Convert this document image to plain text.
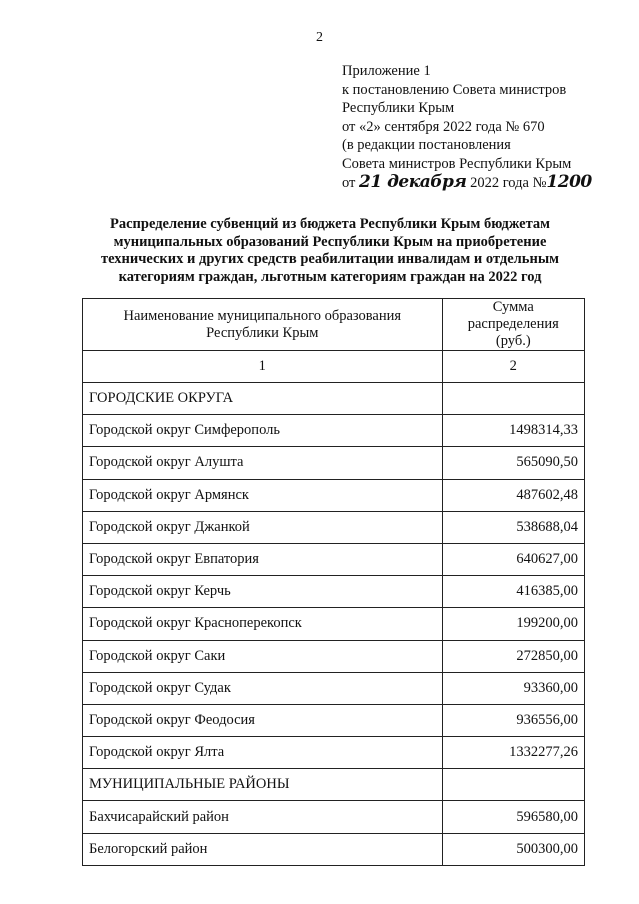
2
Приложение 1
к постановлению Совета министров
Республики Крым
от «2» сентября 2022 года № 670
(в редакции постановления
Совета министров Республики Крым
от 21 декабря 2022 года №1200
Распределение субвенций из бюджета Республики Крым бюджетам муниципальных образований Республики Крым на приобретение технических и других средств реабилитации инвалидам и отдельным категориям граждан, льготным категориям граждан на 2022 год
Наименование муниципального образования Республики Крым	Сумма распределения (руб.)
1	2
ГОРОДСКИЕ ОКРУГА	
Городской округ Симферополь	1498314,33
Городской округ Алушта	565090,50
Городской округ Армянск	487602,48
Городской округ Джанкой	538688,04
Городской округ Евпатория	640627,00
Городской округ Керчь	416385,00
Городской округ Красноперекопск	199200,00
Городской округ Саки	272850,00
Городской округ Судак	93360,00
Городской округ Феодосия	936556,00
Городской округ Ялта	1332277,26
МУНИЦИПАЛЬНЫЕ РАЙОНЫ	
Бахчисарайский район	596580,00
Белогорский район	500300,00
